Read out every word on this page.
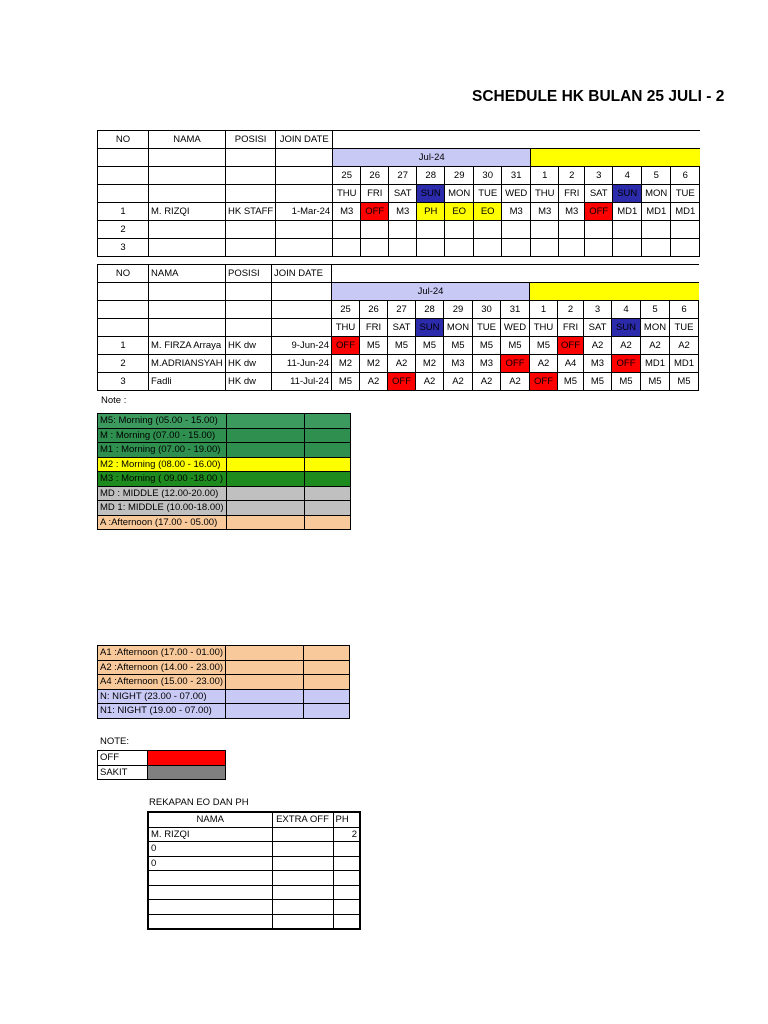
SCHEDULE HK BULAN 25 JULI - 2
NO	NAMA	POSISI	JOIN DATE													
				Jul-24												
				25	26	27	28	29	30	31	1	2	3	4	5	6
				THU	FRI	SAT	SUN	MON	TUE	WED	THU	FRI	SAT	SUN	MON	TUE
1	M. RIZQI	HK STAFF	1-Mar-24	M3	OFF	M3	PH	EO	EO	M3	M3	M3	OFF	MD1	MD1	MD1
2																
3																
NO	NAMA	POSISI	JOIN DATE													
				Jul-24												
				25	26	27	28	29	30	31	1	2	3	4	5	6
				THU	FRI	SAT	SUN	MON	TUE	WED	THU	FRI	SAT	SUN	MON	TUE
1	M. FIRZA Arraya	HK dw	9-Jun-24	OFF	M5	M5	M5	M5	M5	M5	M5	OFF	A2	A2	A2	A2
2	M.ADRIANSYAH	HK dw	11-Jun-24	M2	M2	A2	M2	M3	M3	OFF	A2	A4	M3	OFF	MD1	MD1
3	Fadli	HK dw	11-Jul-24	M5	A2	OFF	A2	A2	A2	A2	OFF	M5	M5	M5	M5	M5
Note :
M5: Morning (05.00 - 15.00)		
M : Morning (07.00 - 15.00)		
M1 : Morning (07.00 - 19.00)		
M2 : Morning (08.00 - 16.00)		
M3 : Morning ( 09.00 -18.00 )		
MD : MIDDLE (12.00-20.00)		
MD 1: MIDDLE (10.00-18.00)		
A :Afternoon (17.00 - 05.00)		
A1 :Afternoon (17.00 - 01.00)		
A2 :Afternoon (14.00 - 23.00)		
A4 :Afternoon (15.00 - 23.00)		
N: NIGHT (23.00 - 07.00)		
N1: NIGHT (19.00 - 07.00)		
NOTE:
OFF	
SAKIT	
REKAPAN EO DAN PH
NAMA	EXTRA OFF	PH
M. RIZQI		2
0		
0		
